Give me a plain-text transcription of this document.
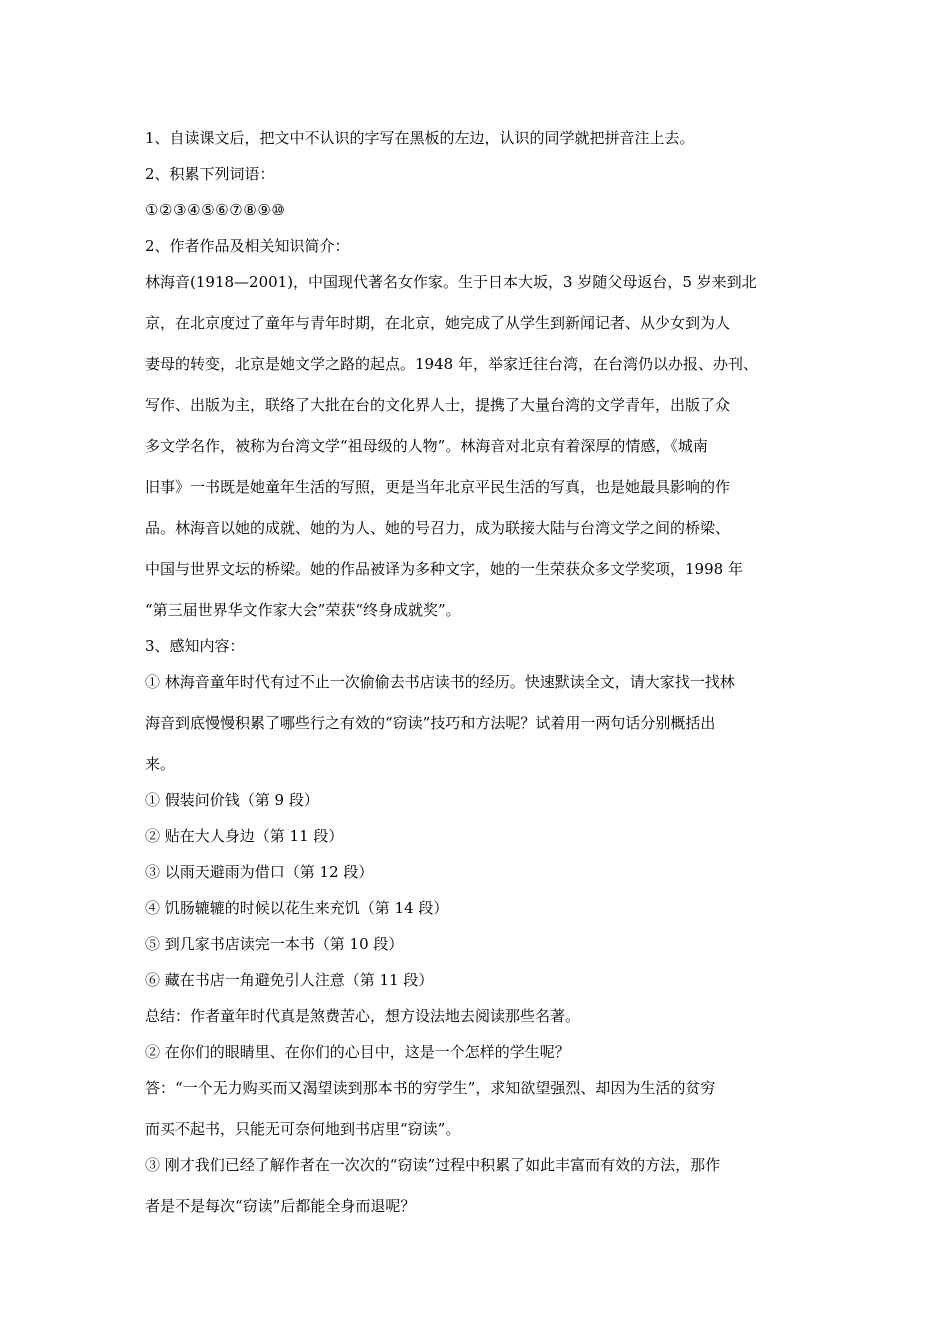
1、自读课文后，把文中不认识的字写在黑板的左边，认识的同学就把拼音注上去。
2、积累下列词语：
①②③④⑤⑥⑦⑧⑨⑩
2、作者作品及相关知识简介：
林海音(1918—2001)，中国现代著名女作家。生于日本大坂，3 岁随父母返台，5 岁来到北
京，在北京度过了童年与青年时期，在北京，她完成了从学生到新闻记者、从少女到为人
妻母的转变，北京是她文学之路的起点。1948 年，举家迁往台湾，在台湾仍以办报、办刊、
写作、出版为主，联络了大批在台的文化界人士，提携了大量台湾的文学青年，出版了众
多文学名作，被称为台湾文学“祖母级的人物”。林海音对北京有着深厚的情感，《城南
旧事》一书既是她童年生活的写照，更是当年北京平民生活的写真，也是她最具影响的作
品。林海音以她的成就、她的为人、她的号召力，成为联接大陆与台湾文学之间的桥梁、
中国与世界文坛的桥梁。她的作品被译为多种文字，她的一生荣获众多文学奖项，1998 年
“第三届世界华文作家大会”荣获“终身成就奖”。
3、感知内容：
① 林海音童年时代有过不止一次偷偷去书店读书的经历。快速默读全文，请大家找一找林
海音到底慢慢积累了哪些行之有效的“窃读”技巧和方法呢？试着用一两句话分别概括出
来。
① 假装问价钱（第 9 段）
② 贴在大人身边（第 11 段）
③ 以雨天避雨为借口（第 12 段）
④ 饥肠辘辘的时候以花生来充饥（第 14 段）
⑤ 到几家书店读完一本书（第 10 段）
⑥ 藏在书店一角避免引人注意（第 11 段）
总结：作者童年时代真是煞费苦心，想方设法地去阅读那些名著。
② 在你们的眼睛里、在你们的心目中，这是一个怎样的学生呢？
答：“一个无力购买而又渴望读到那本书的穷学生”，求知欲望强烈、却因为生活的贫穷
而买不起书，只能无可奈何地到书店里“窃读”。
③ 刚才我们已经了解作者在一次次的“窃读”过程中积累了如此丰富而有效的方法，那作
者是不是每次“窃读”后都能全身而退呢？
